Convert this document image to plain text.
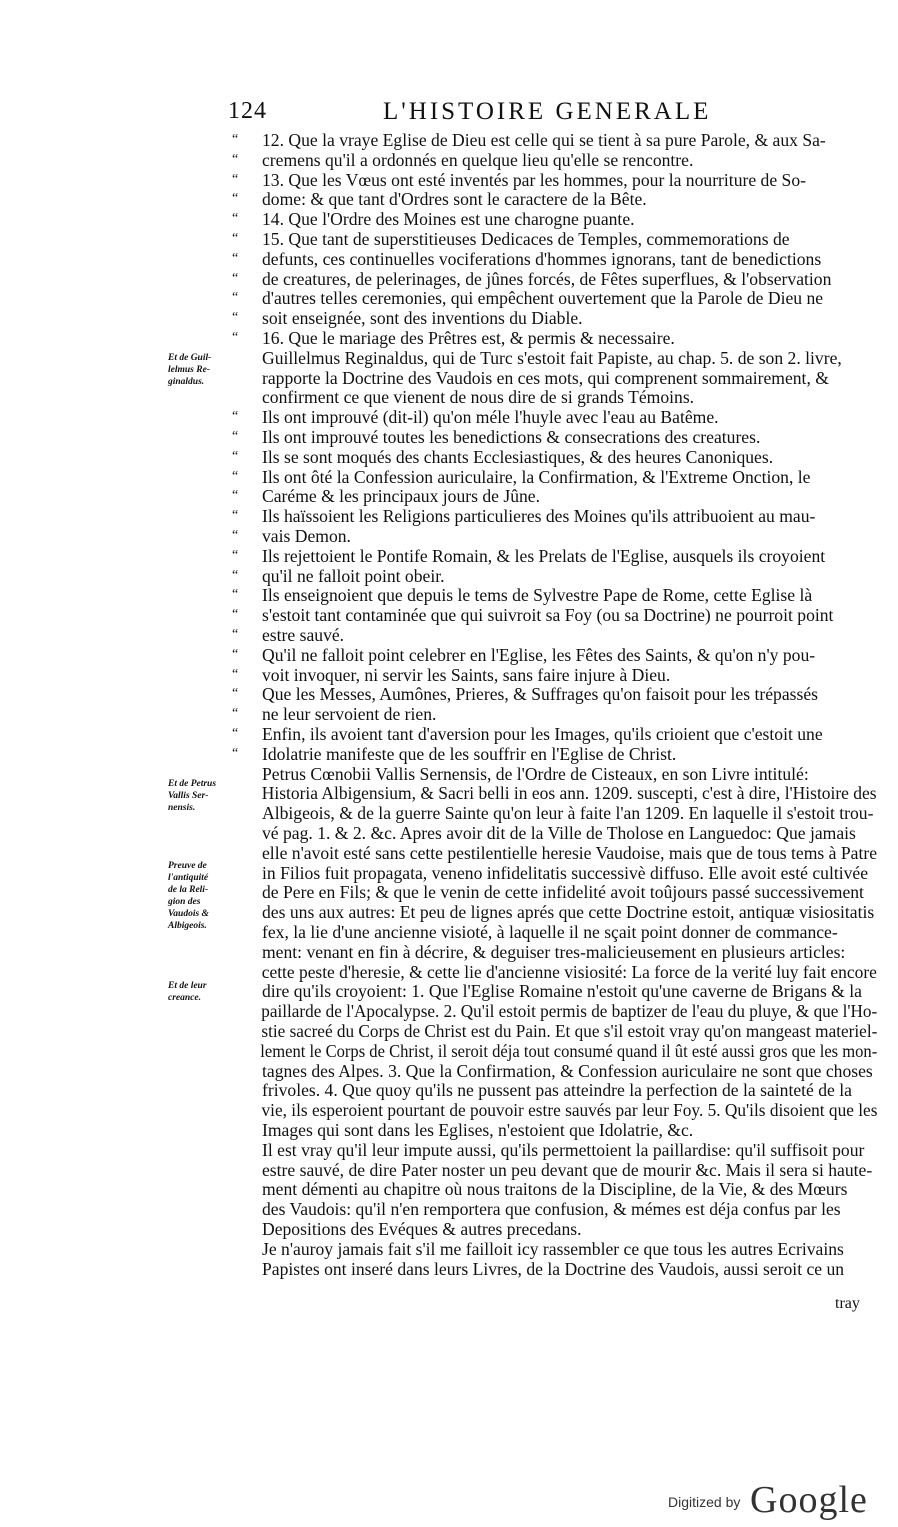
124	L'HISTOIRE GENERALE
“ 12. Que la vraye Eglise de Dieu est celle qui se tient à sa pure Parole, & aux Sa-
“ cremens qu'il a ordonnés en quelque lieu qu'elle se rencontre.
“ 13. Que les Vœus ont esté inventés par les hommes, pour la nourriture de So-
“ dome: & que tant d'Ordres sont le caractere de la Bête.
“ 14. Que l'Ordre des Moines est une charogne puante.
“ 15. Que tant de superstitieuses Dedicaces de Temples, commemorations de
“ defunts, ces continuelles vociferations d'hommes ignorans, tant de benedictions
“ de creatures, de pelerinages, de jûnes forcés, de Fêtes superflues, & l'observation
“ d'autres telles ceremonies, qui empêchent ouvertement que la Parole de Dieu ne
“ soit enseignée, sont des inventions du Diable.
“ 16. Que le mariage des Prêtres est, & permis & necessaire.
Guillelmus Reginaldus, qui de Turc s'estoit fait Papiste, au chap. 5. de son 2. livre,
rapporte la Doctrine des Vaudois en ces mots, qui comprenent sommairement, &
confirment ce que vienent de nous dire de si grands Témoins.
“ Ils ont improuvé (dit-il) qu'on méle l'huyle avec l'eau au Batême.
“ Ils ont improuvé toutes les benedictions & consecrations des creatures.
“ Ils se sont moqués des chants Ecclesiastiques, & des heures Canoniques.
“ Ils ont ôté la Confession auriculaire, la Confirmation, & l'Extreme Onction, le
“ Caréme & les principaux jours de Jûne.
“ Ils haïssoient les Religions particulieres des Moines qu'ils attribuoient au mau-
“ vais Demon.
“ Ils rejettoient le Pontife Romain, & les Prelats de l'Eglise, ausquels ils croyoient
“ qu'il ne falloit point obeir.
“ Ils enseignoient que depuis le tems de Sylvestre Pape de Rome, cette Eglise là
“ s'estoit tant contaminée que qui suivroit sa Foy (ou sa Doctrine) ne pourroit point
“ estre sauvé.
“ Qu'il ne falloit point celebrer en l'Eglise, les Fêtes des Saints, & qu'on n'y pou-
“ voit invoquer, ni servir les Saints, sans faire injure à Dieu.
“ Que les Messes, Aumônes, Prieres, & Suffrages qu'on faisoit pour les trépassés
“ ne leur servoient de rien.
“ Enfin, ils avoient tant d'aversion pour les Images, qu'ils crioient que c'estoit une
“ Idolatrie manifeste que de les souffrir en l'Eglise de Christ.
Petrus Cœnobii Vallis Sernensis, de l'Ordre de Cisteaux, en son Livre intitulé:
Historia Albigensium, & Sacri belli in eos ann. 1209. suscepti, c'est à dire, l'Histoire des
Albigeois, & de la guerre Sainte qu'on leur à faite l'an 1209. En laquelle il s'estoit trou-
vé pag. 1. & 2. &c. Apres avoir dit de la Ville de Tholose en Languedoc: Que jamais
elle n'avoit esté sans cette pestilentielle heresie Vaudoise, mais que de tous tems à Patre
in Filios fuit propagata, veneno infidelitatis successivè diffuso. Elle avoit esté cultivée
de Pere en Fils; & que le venin de cette infidelité avoit toûjours passé successivement
des uns aux autres: Et peu de lignes aprés que cette Doctrine estoit, antiquæ visiositatis
fex, la lie d'une ancienne visioté, à laquelle il ne sçait point donner de commance-
ment: venant en fin à décrire, & deguiser tres-malicieusement en plusieurs articles:
cette peste d'heresie, & cette lie d'ancienne visiosité: La force de la verité luy fait encore
dire qu'ils croyoient: 1. Que l'Eglise Romaine n'estoit qu'une caverne de Brigans & la
paillarde de l'Apocalypse. 2. Qu'il estoit permis de baptizer de l'eau du pluye, & que l'Ho-
stie sacreé du Corps de Christ est du Pain. Et que s'il estoit vray qu'on mangeast materiel-
lement le Corps de Christ, il seroit déja tout consumé quand il ût esté aussi gros que les mon-
tagnes des Alpes. 3. Que la Confirmation, & Confession auriculaire ne sont que choses
frivoles. 4. Que quoy qu'ils ne pussent pas atteindre la perfection de la sainteté de la
vie, ils esperoient pourtant de pouvoir estre sauvés par leur Foy. 5. Qu'ils disoient que les
Images qui sont dans les Eglises, n'estoient que Idolatrie, &c.
Il est vray qu'il leur impute aussi, qu'ils permettoient la paillardise: qu'il suffisoit pour
estre sauvé, de dire Pater noster un peu devant que de mourir &c. Mais il sera si haute-
ment démenti au chapitre où nous traitons de la Discipline, de la Vie, & des Mœurs
des Vaudois: qu'il n'en remportera que confusion, & mémes est déja confus par les
Depositions des Evéques & autres precedans.
Je n'auroy jamais fait s'il me failloit icy rassembler ce que tous les autres Ecrivains
Papistes ont inseré dans leurs Livres, de la Doctrine des Vaudois, aussi seroit ce un
Et de Guil-
lelmus Re-
ginaldus.
Et de Petrus
Vallis Ser-
nensis.
Preuve de
l'antiquité
de la Reli-
gion des
Vaudois &
Albigeois.
Et de leur
creance.
tray
Digitized by Google
